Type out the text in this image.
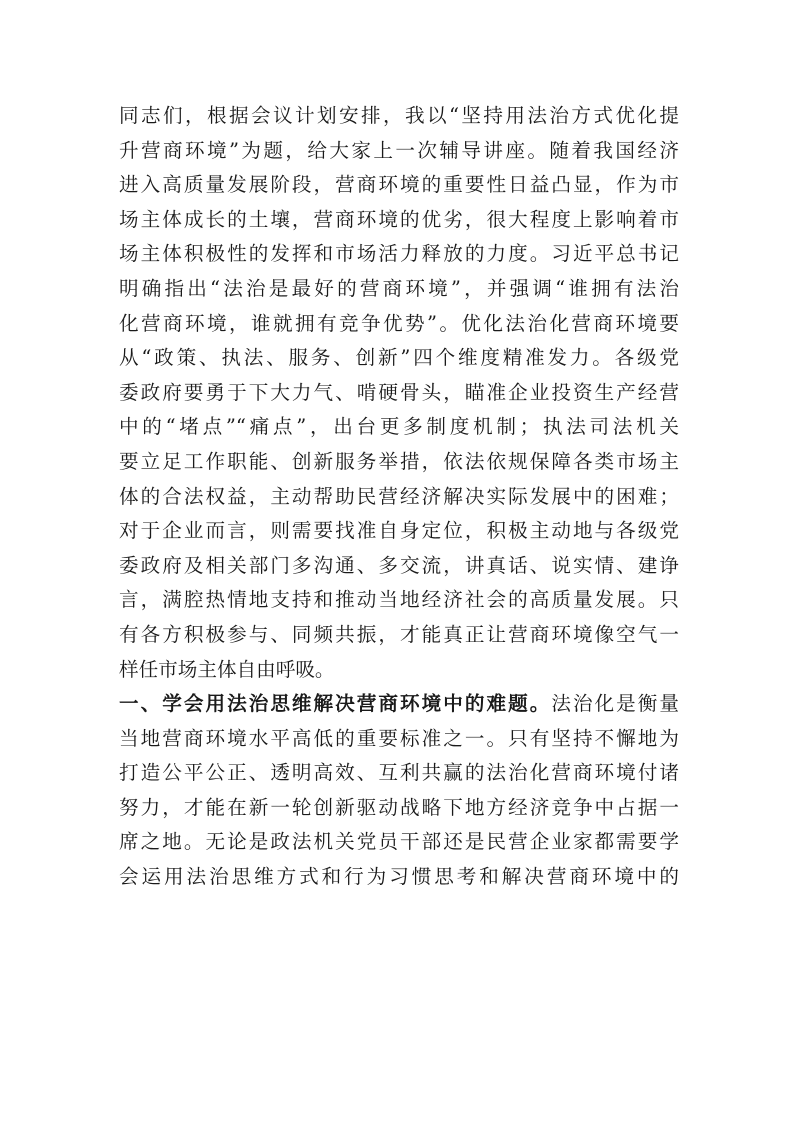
同志们，根据会议计划安排，我以“坚持用法治方式优化提
升营商环境”为题，给大家上一次辅导讲座。随着我国经济
进入高质量发展阶段，营商环境的重要性日益凸显，作为市
场主体成长的土壤，营商环境的优劣，很大程度上影响着市
场主体积极性的发挥和市场活力释放的力度。习近平总书记
明确指出“法治是最好的营商环境”，并强调“谁拥有法治
化营商环境，谁就拥有竞争优势”。优化法治化营商环境要
从“政策、执法、服务、创新”四个维度精准发力。各级党
委政府要勇于下大力气、啃硬骨头，瞄准企业投资生产经营
中的“堵点”“痛点”，出台更多制度机制；执法司法机关
要立足工作职能、创新服务举措，依法依规保障各类市场主
体的合法权益，主动帮助民营经济解决实际发展中的困难；
对于企业而言，则需要找准自身定位，积极主动地与各级党
委政府及相关部门多沟通、多交流，讲真话、说实情、建诤
言，满腔热情地支持和推动当地经济社会的高质量发展。只
有各方积极参与、同频共振，才能真正让营商环境像空气一
样任市场主体自由呼吸。
一、学会用法治思维解决营商环境中的难题。法治化是衡量
当地营商环境水平高低的重要标准之一。只有坚持不懈地为
打造公平公正、透明高效、互利共赢的法治化营商环境付诸
努力，才能在新一轮创新驱动战略下地方经济竞争中占据一
席之地。无论是政法机关党员干部还是民营企业家都需要学
会运用法治思维方式和行为习惯思考和解决营商环境中的
